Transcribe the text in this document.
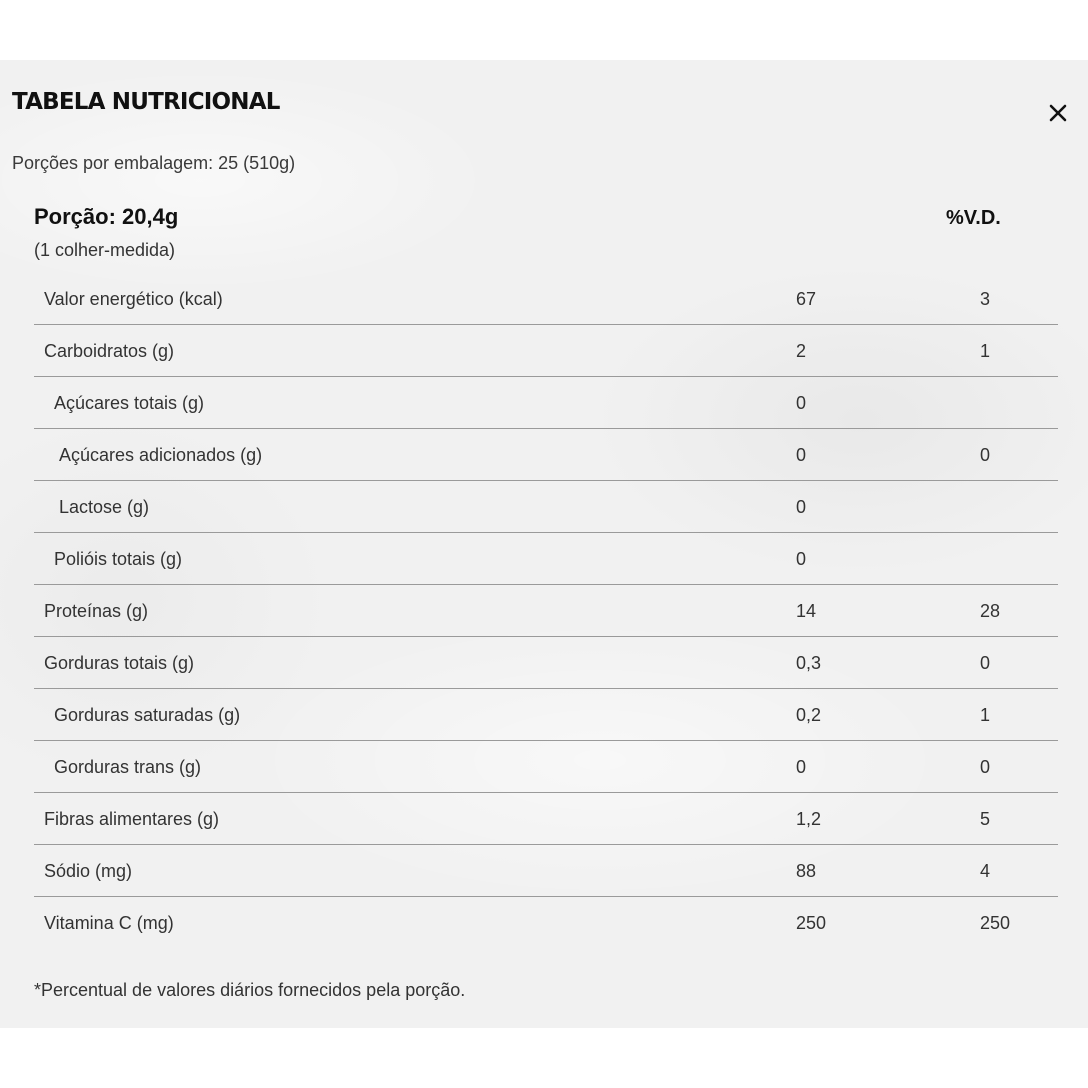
TABELA NUTRICIONAL
Porções por embalagem: 25 (510g)
Porção: 20,4g
(1 colher-medida)
%V.D.
Valor energético (kcal)	67	3
Carboidratos (g)	2	1
Açúcares totais (g)	0
Açúcares adicionados (g)	0	0
Lactose (g)	0
Polióis totais (g)	0
Proteínas (g)	14	28
Gorduras totais (g)	0,3	0
Gorduras saturadas (g)	0,2	1
Gorduras trans (g)	0	0
Fibras alimentares (g)	1,2	5
Sódio (mg)	88	4
Vitamina C (mg)	250	250
*Percentual de valores diários fornecidos pela porção.
